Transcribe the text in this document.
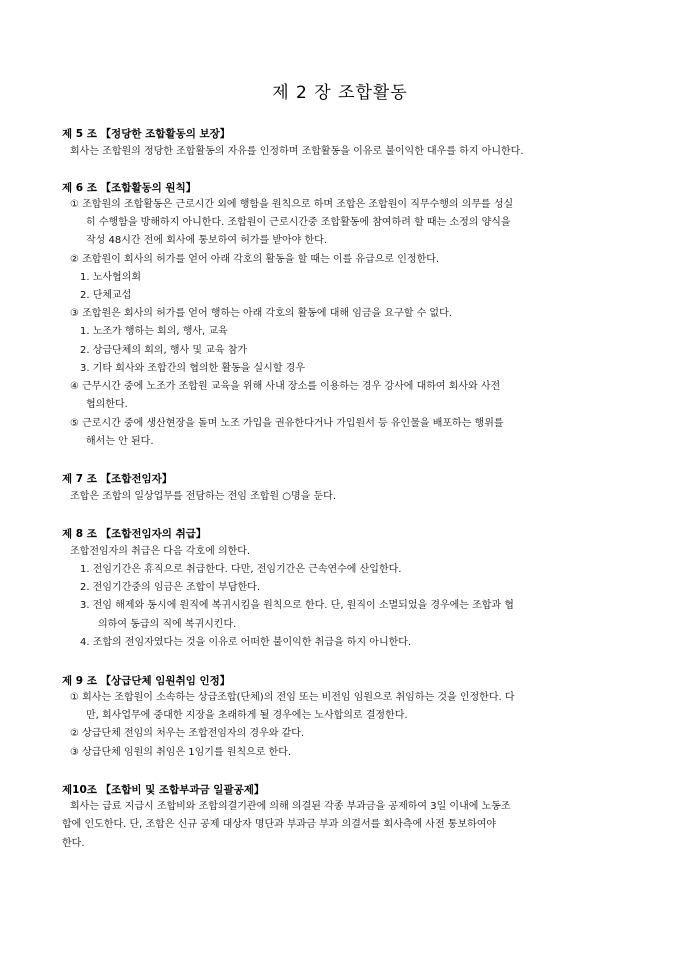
제 2 장 조합활동
제 5 조 【정당한 조합활동의 보장】
회사는 조합원의 정당한 조합활동의 자유를 인정하며 조합활동을 이유로 불이익한 대우를 하지 아니한다.
제 6 조 【조합활동의 원칙】
① 조합원의 조합활동은 근로시간 외에 행함을 원칙으로 하며 조합은 조합원이 직무수행의 의무를 성실
히 수행함을 방해하지 아니한다. 조합원이 근로시간중 조합활동에 참여하려 할 때는 소정의 양식을
작성 48시간 전에 회사에 통보하여 허가를 받아야 한다.
② 조합원이 회사의 허가를 얻어 아래 각호의 활동을 할 때는 이를 유급으로 인정한다.
1. 노사협의회
2. 단체교섭
③ 조합원은 회사의 허가를 얻어 행하는 아래 각호의 활동에 대해 임금을 요구할 수 없다.
1. 노조가 행하는 회의, 행사, 교육
2. 상급단체의 회의, 행사 및 교육 참가
3. 기타 회사와 조합간의 협의한 활동을 실시할 경우
④ 근무시간 중에 노조가 조합원 교육을 위해 사내 장소를 이용하는 경우 강사에 대하여 회사와 사전
협의한다.
⑤ 근로시간 중에 생산현장을 돌며 노조 가입을 권유한다거나 가입원서 등 유인물을 배포하는 행위를
해서는 안 된다.
제 7 조 【조합전임자】
조합은 조합의 일상업무를 전담하는 전임 조합원 ○명을 둔다.
제 8 조 【조합전임자의 취급】
조합전임자의 취급은 다음 각호에 의한다.
1. 전임기간은 휴직으로 취급한다. 다만, 전임기간은 근속연수에 산입한다.
2. 전임기간중의 임금은 조합이 부담한다.
3. 전임 해제와 동시에 원직에 복귀시킴을 원칙으로 한다. 단, 원직이 소멸되었을 경우에는 조합과 협
의하여 동급의 직에 복귀시킨다.
4. 조합의 전임자였다는 것을 이유로 어떠한 불이익한 취급을 하지 아니한다.
제 9 조 【상급단체 임원취임 인정】
① 회사는 조합원이 소속하는 상급조합(단체)의 전임 또는 비전임 임원으로 취임하는 것을 인정한다. 다
만, 회사업무에 중대한 지장을 초래하게 될 경우에는 노사합의로 결정한다.
② 상급단체 전임의 처우는 조합전임자의 경우와 같다.
③ 상급단체 임원의 취임은 1임기를 원칙으로 한다.
제10조 【조합비 및 조합부과금 일괄공제】
회사는 급료 지급시 조합비와 조합의결기관에 의해 의결된 각종 부과금을 공제하여 3일 이내에 노동조
합에 인도한다. 단, 조합은 신규 공제 대상자 명단과 부과금 부과 의결서를 회사측에 사전 통보하여야
한다.
